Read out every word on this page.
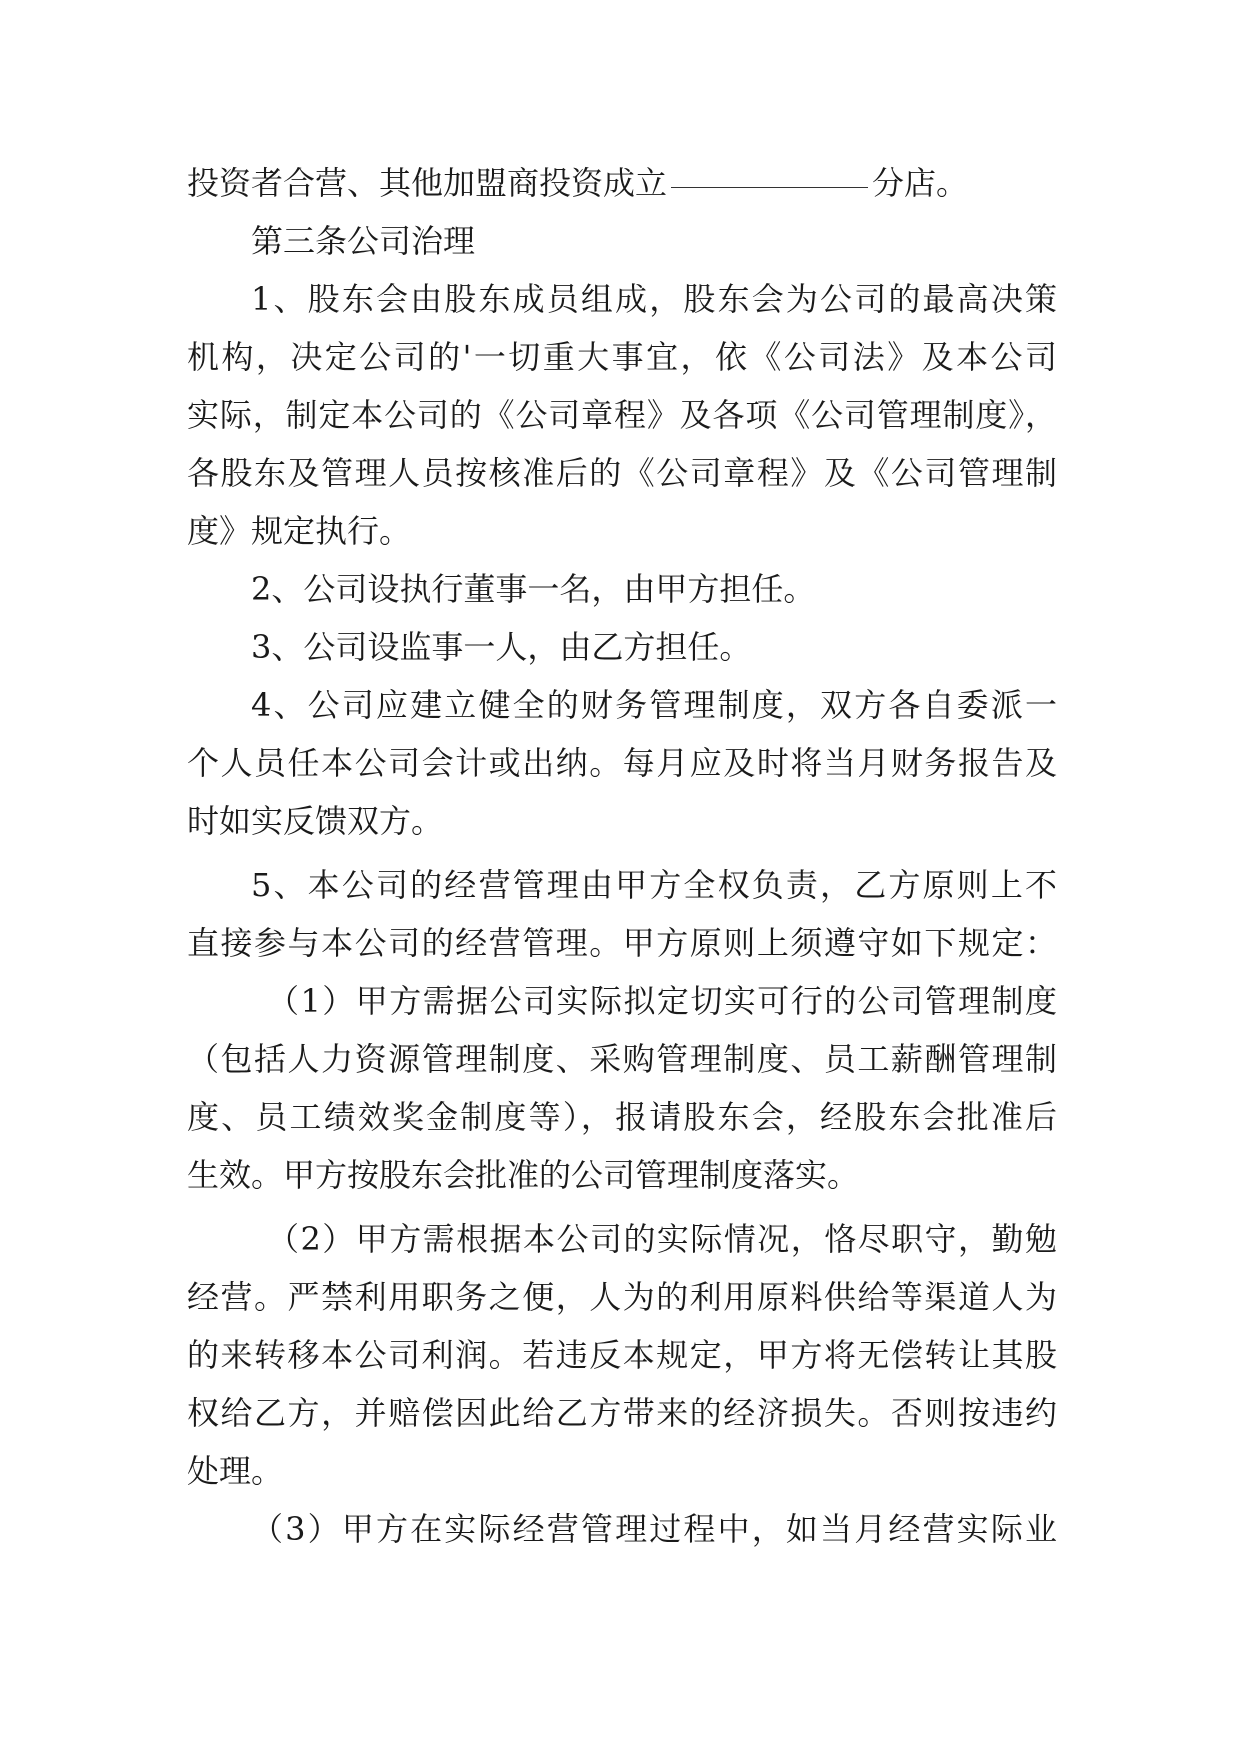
投资者合营、其他加盟商投资成立	分店。
第三条公司治理
1、股东会由股东成员组成，股东会为公司的最高决策
机构，决定公司的'一切重大事宜，依《公司法》及本公司
实际，制定本公司的《公司章程》及各项《公司管理制度》，
各股东及管理人员按核准后的《公司章程》及《公司管理制
度》规定执行。
2、公司设执行董事一名，由甲方担任。
3、公司设监事一人，由乙方担任。
4、公司应建立健全的财务管理制度，双方各自委派一
个人员任本公司会计或出纳。每月应及时将当月财务报告及
时如实反馈双方。
5、本公司的经营管理由甲方全权负责，乙方原则上不
直接参与本公司的经营管理。甲方原则上须遵守如下规定：
（1）甲方需据公司实际拟定切实可行的公司管理制度
（包括人力资源管理制度、采购管理制度、员工薪酬管理制
度、员工绩效奖金制度等），报请股东会，经股东会批准后
生效。甲方按股东会批准的公司管理制度落实。
（2）甲方需根据本公司的实际情况，恪尽职守，勤勉
经营。严禁利用职务之便，人为的利用原料供给等渠道人为
的来转移本公司利润。若违反本规定，甲方将无偿转让其股
权给乙方，并赔偿因此给乙方带来的经济损失。否则按违约
处理。
（3）甲方在实际经营管理过程中，如当月经营实际业
